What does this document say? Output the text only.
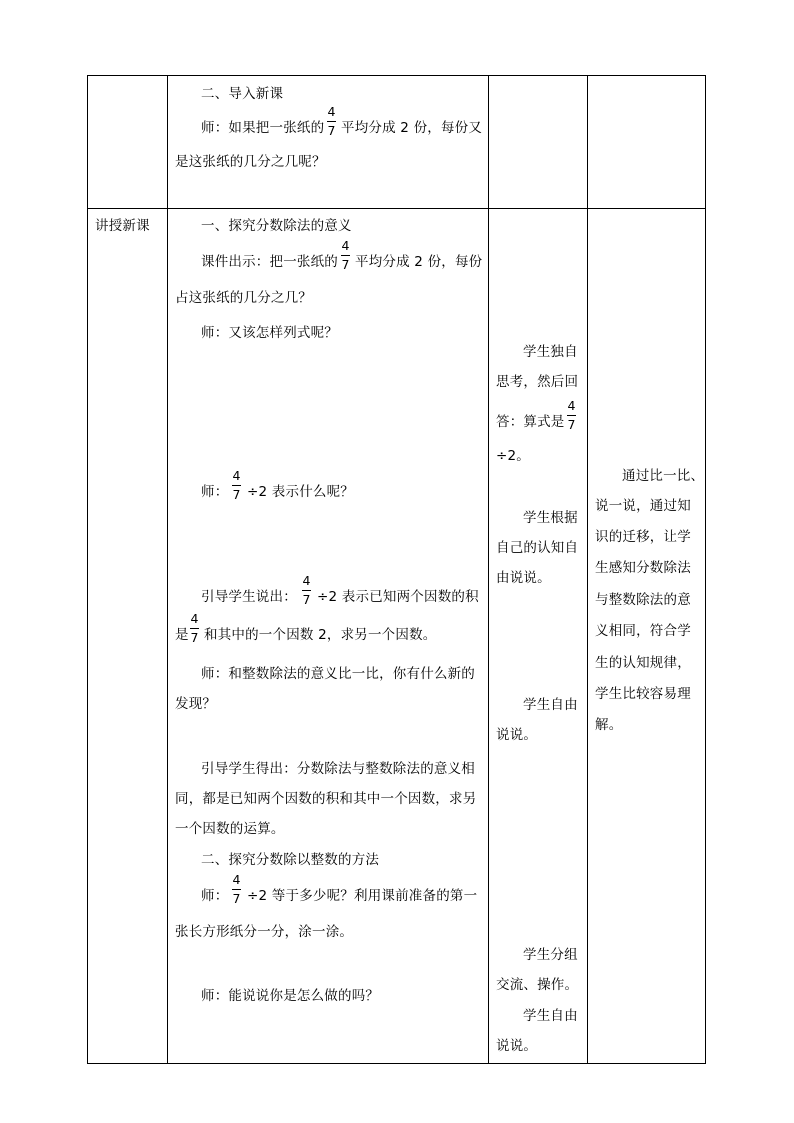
二、导入新课
师：如果把一张纸的
4
7 平均分成 2 份，每份又
是这张纸的几分之几呢？
讲授新课	一、探究分数除法的意义
课件出示：把一张纸的
4
7 平均分成 2 份，每份
占这张纸的几分之几？
师：又该怎样列式呢？
师：
4
7 ÷2 表示什么呢？
引导学生说出：
4
7 ÷2 表示已知两个因数的积
是
4
7 和其中的一个因数 2，求另一个因数。
师：和整数除法的意义比一比，你有什么新的
发现？
引导学生得出：分数除法与整数除法的意义相
同，都是已知两个因数的积和其中一个因数，求另
一个因数的运算。
二、探究分数除以整数的方法
师：
4
7 ÷2 等于多少呢？利用课前准备的第一
张长方形纸分一分，涂一涂。
师：能说说你是怎么做的吗？
学生独自
思考，然后回
答：算式是
4
7
÷2。
学生根据
自己的认知自
由说说。
学生自由
说说。
学生分组
交流、操作。
学生自由
说说。
通过比一比、
说一说，通过知
识的迁移，让学
生感知分数除法
与整数除法的意
义相同，符合学
生的认知规律，
学生比较容易理
解。
